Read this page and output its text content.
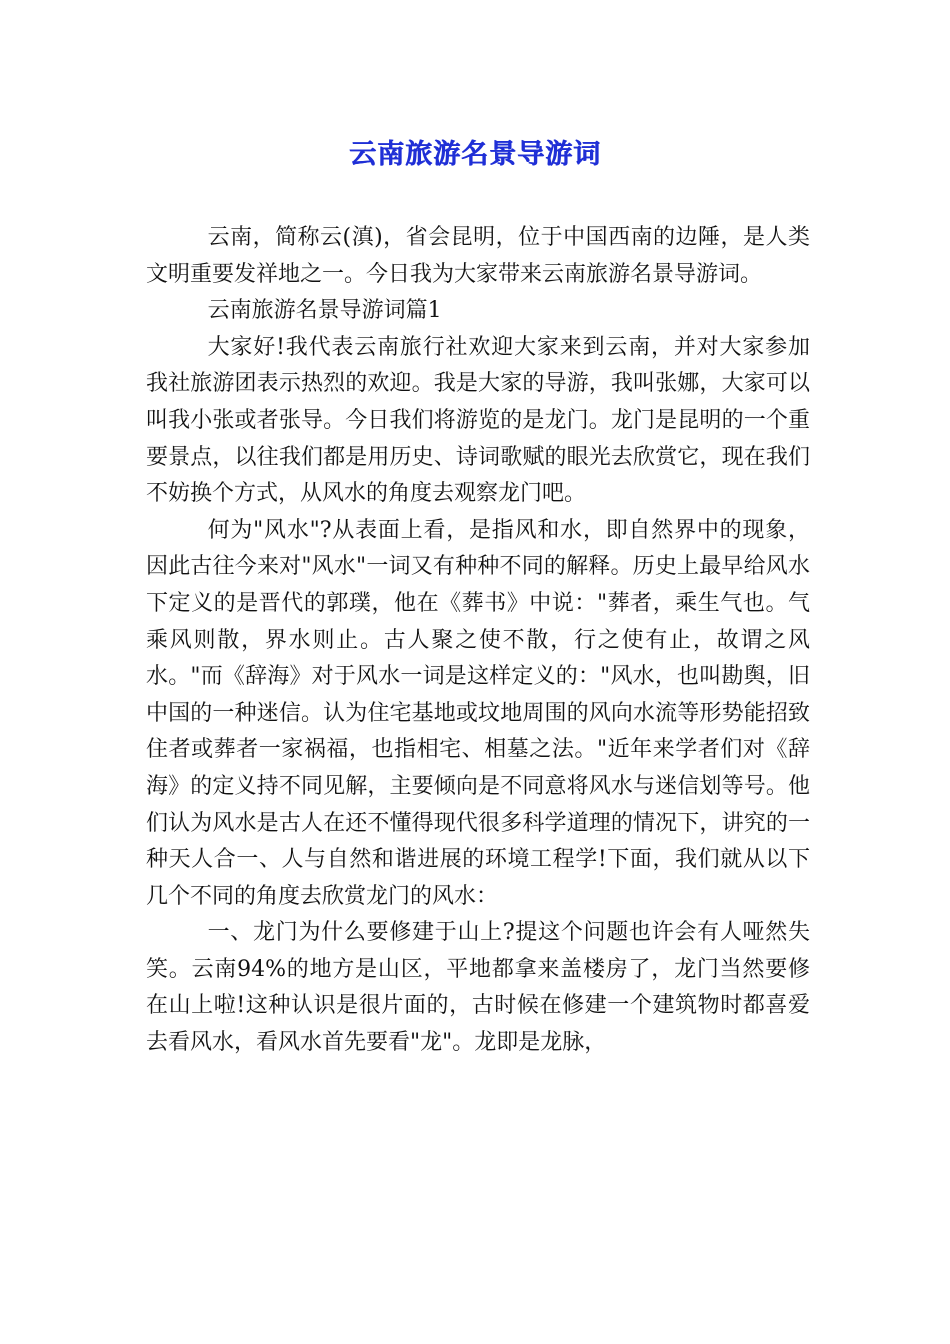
云南旅游名景导游词

云南，简称云(滇)，省会昆明，位于中国西南的边陲，是人类文明重要发祥地之一。今日我为大家带来云南旅游名景导游词。

云南旅游名景导游词篇1

大家好!我代表云南旅行社欢迎大家来到云南，并对大家参加我社旅游团表示热烈的欢迎。我是大家的导游，我叫张娜，大家可以叫我小张或者张导。今日我们将游览的是龙门。龙门是昆明的一个重要景点，以往我们都是用历史、诗词歌赋的眼光去欣赏它，现在我们不妨换个方式，从风水的角度去观察龙门吧。

何为"风水"?从表面上看，是指风和水，即自然界中的现象，因此古往今来对"风水"一词又有种种不同的解释。历史上最早给风水下定义的是晋代的郭璞，他在《葬书》中说："葬者，乘生气也。气乘风则散，界水则止。古人聚之使不散，行之使有止，故谓之风水。"而《辞海》对于风水一词是这样定义的："风水，也叫勘舆，旧中国的一种迷信。认为住宅基地或坟地周围的风向水流等形势能招致住者或葬者一家祸福，也指相宅、相墓之法。"近年来学者们对《辞海》的定义持不同见解，主要倾向是不同意将风水与迷信划等号。他们认为风水是古人在还不懂得现代很多科学道理的情况下，讲究的一种天人合一、人与自然和谐进展的环境工程学!下面，我们就从以下几个不同的角度去欣赏龙门的风水：

一、龙门为什么要修建于山上?提这个问题也许会有人哑然失笑。云南94%的地方是山区，平地都拿来盖楼房了，龙门当然要修在山上啦!这种认识是很片面的，古时候在修建一个建筑物时都喜爱去看风水，看风水首先要看"龙"。龙即是龙脉，
